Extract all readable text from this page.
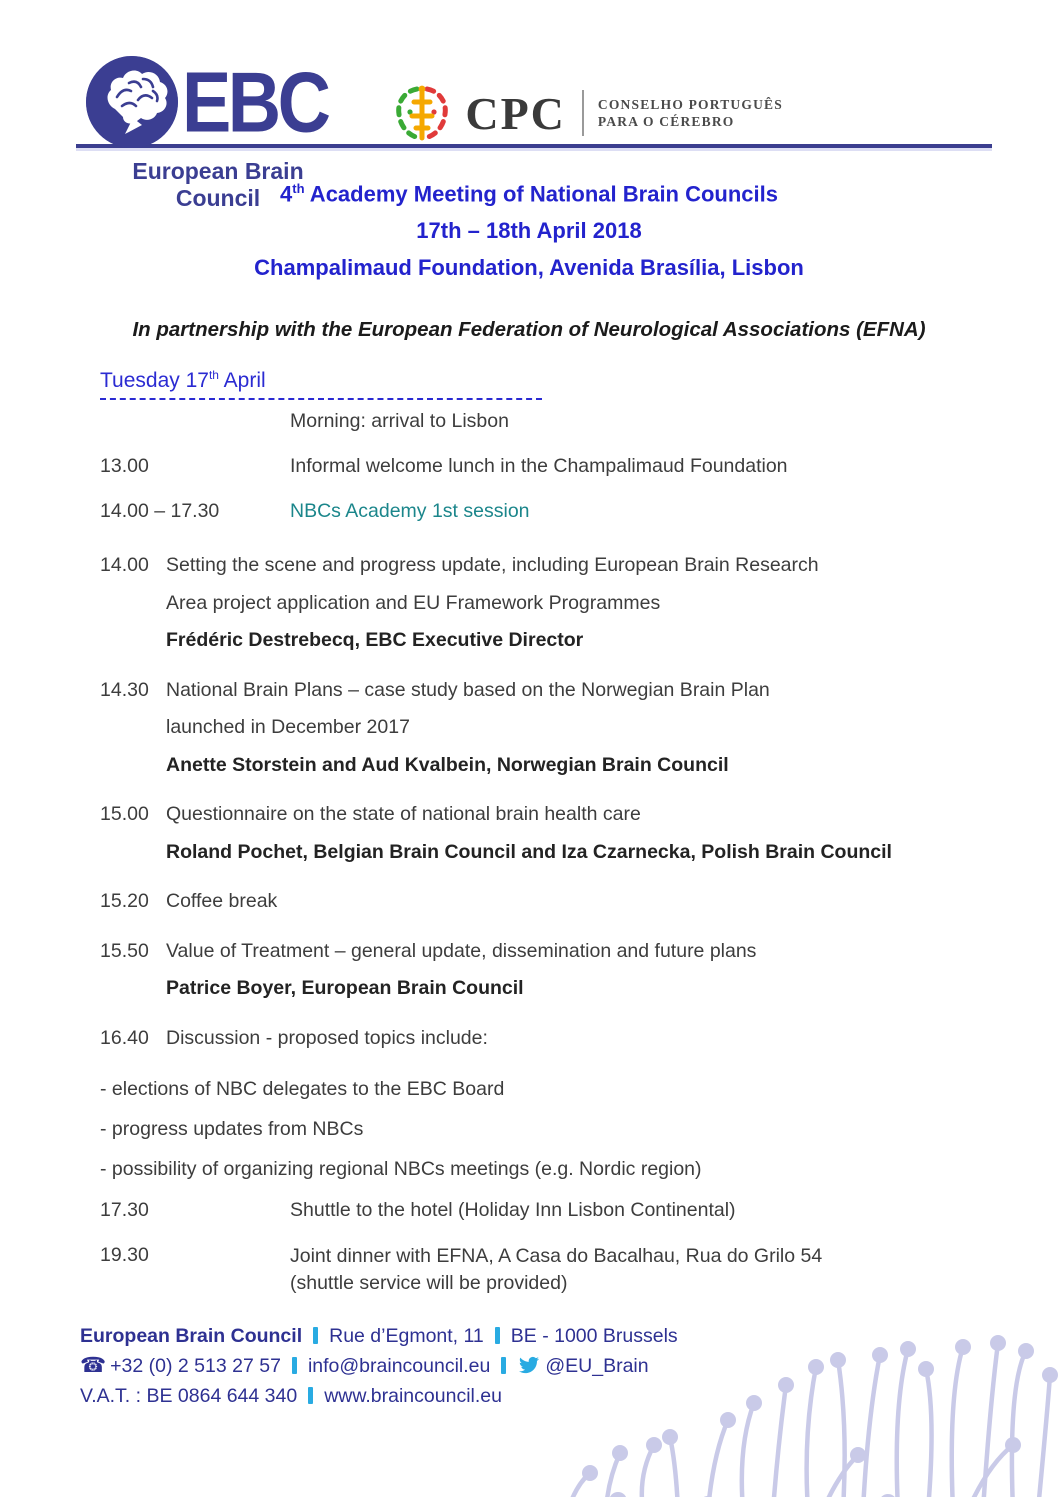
EBC
European Brain Council
CPC CONSELHO PORTUGUÊS
PARA O CÉREBRO
4th Academy Meeting of National Brain Councils
17th – 18th April 2018
Champalimaud Foundation, Avenida Brasília, Lisbon
In partnership with the European Federation of Neurological Associations (EFNA)
Tuesday 17th April
Morning: arrival to Lisbon
13.00	Informal welcome lunch in the Champalimaud Foundation
14.00 – 17.30	NBCs Academy 1st session
14.00 Setting the scene and progress update, including European Brain Research
Area project application and EU Framework Programmes
Frédéric Destrebecq, EBC Executive Director
14.30 National Brain Plans – case study based on the Norwegian Brain Plan
launched in December 2017
Anette Storstein and Aud Kvalbein, Norwegian Brain Council
15.00 Questionnaire on the state of national brain health care
Roland Pochet, Belgian Brain Council and Iza Czarnecka, Polish Brain Council
15.20 Coffee break
15.50 Value of Treatment – general update, dissemination and future plans
Patrice Boyer, European Brain Council
16.40 Discussion - proposed topics include:
- elections of NBC delegates to the EBC Board
- progress updates from NBCs
- possibility of organizing regional NBCs meetings (e.g. Nordic region)
17.30	Shuttle to the hotel (Holiday Inn Lisbon Continental)
19.30	Joint dinner with EFNA, A Casa do Bacalhau, Rua do Grilo 54
(shuttle service will be provided)
European Brain Council Rue d’Egmont, 11 BE - 1000 Brussels
☎ +32 (0) 2 513 27 57 info@braincouncil.eu	@EU_Brain
V.A.T. : BE 0864 644 340 www.braincouncil.eu
